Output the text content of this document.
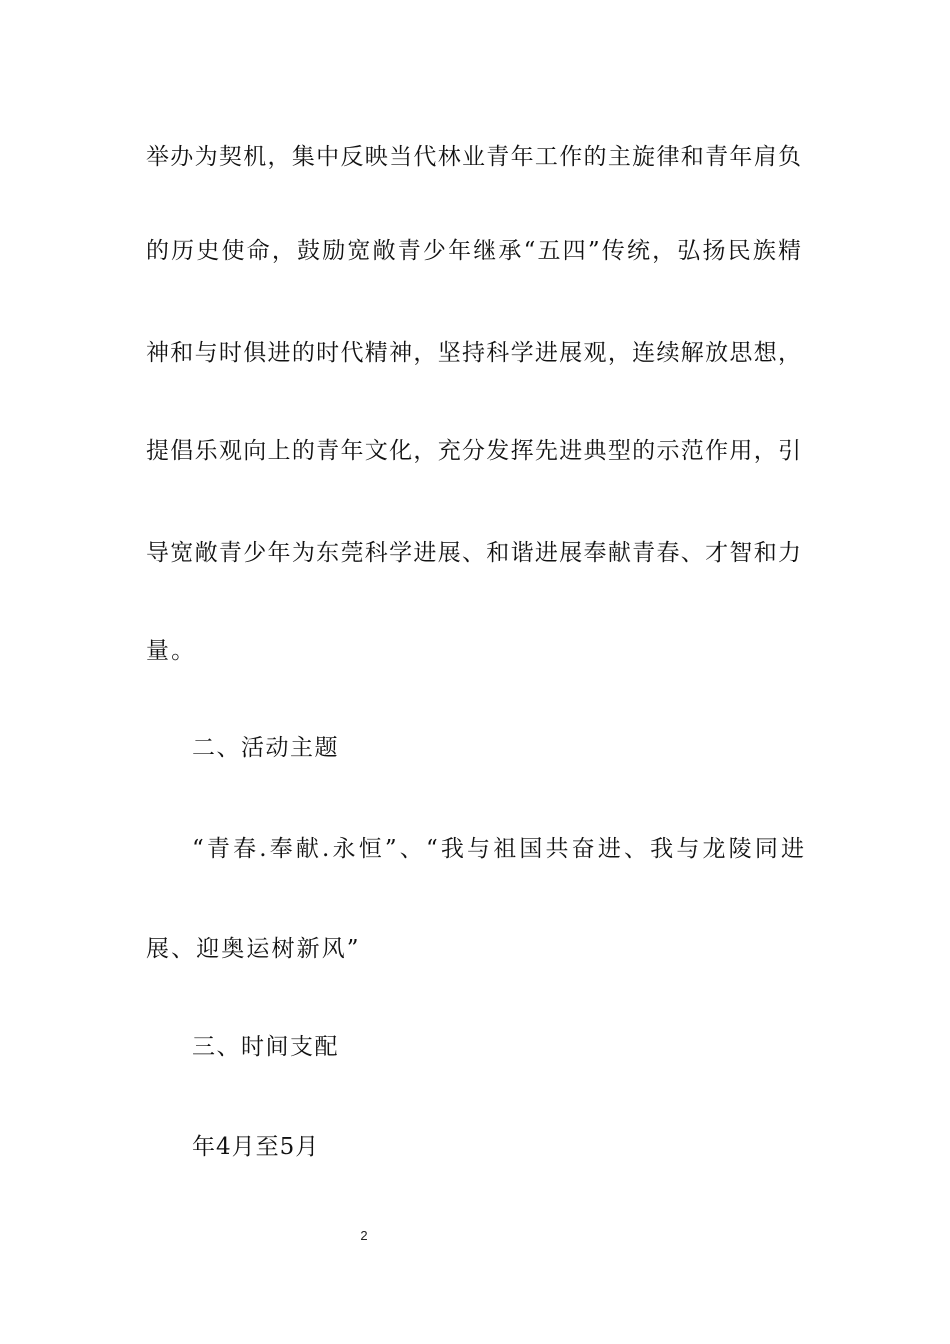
举办为契机，集中反映当代林业青年工作的主旋律和青年肩负
的历史使命，鼓励宽敞青少年继承“五四”传统，弘扬民族精
神和与时俱进的时代精神，坚持科学进展观，连续解放思想，
提倡乐观向上的青年文化，充分发挥先进典型的示范作用，引
导宽敞青少年为东莞科学进展、和谐进展奉献青春、才智和力
量。
二、活动主题
“青春.奉献.永恒”、“我与祖国共奋进、我与龙陵同进
展、迎奥运树新风”
三、时间支配
年4月至5月
2
